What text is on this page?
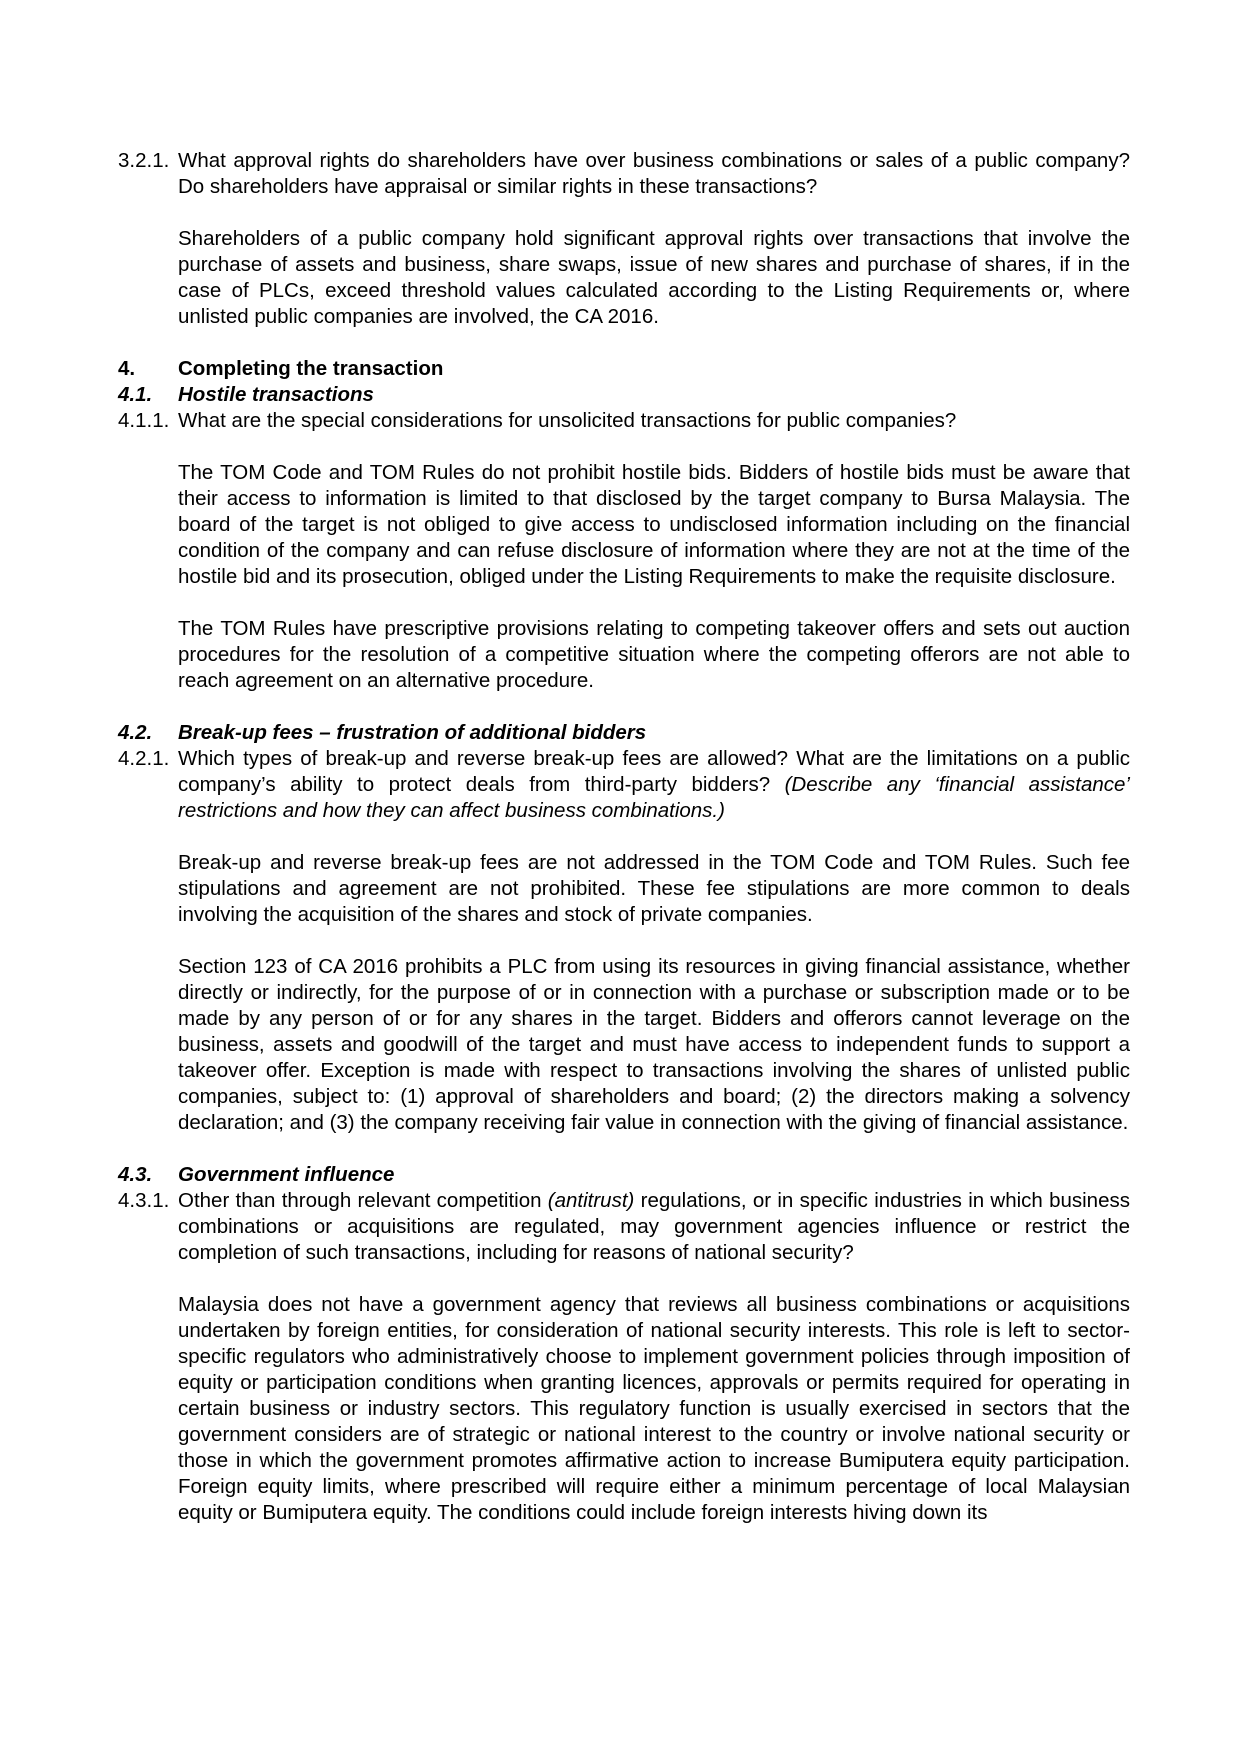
3.2.1. What approval rights do shareholders have over business combinations or sales of a public company? Do shareholders have appraisal or similar rights in these transactions?
Shareholders of a public company hold significant approval rights over transactions that involve the purchase of assets and business, share swaps, issue of new shares and purchase of shares, if in the case of PLCs, exceed threshold values calculated according to the Listing Requirements or, where unlisted public companies are involved, the CA 2016.
4. Completing the transaction
4.1. Hostile transactions
4.1.1. What are the special considerations for unsolicited transactions for public companies?
The TOM Code and TOM Rules do not prohibit hostile bids. Bidders of hostile bids must be aware that their access to information is limited to that disclosed by the target company to Bursa Malaysia. The board of the target is not obliged to give access to undisclosed information including on the financial condition of the company and can refuse disclosure of information where they are not at the time of the hostile bid and its prosecution, obliged under the Listing Requirements to make the requisite disclosure.
The TOM Rules have prescriptive provisions relating to competing takeover offers and sets out auction procedures for the resolution of a competitive situation where the competing offerors are not able to reach agreement on an alternative procedure.
4.2. Break-up fees – frustration of additional bidders
4.2.1. Which types of break-up and reverse break-up fees are allowed? What are the limitations on a public company’s ability to protect deals from third-party bidders? (Describe any ‘financial assistance’ restrictions and how they can affect business combinations.)
Break-up and reverse break-up fees are not addressed in the TOM Code and TOM Rules. Such fee stipulations and agreement are not prohibited. These fee stipulations are more common to deals involving the acquisition of the shares and stock of private companies.
Section 123 of CA 2016 prohibits a PLC from using its resources in giving financial assistance, whether directly or indirectly, for the purpose of or in connection with a purchase or subscription made or to be made by any person of or for any shares in the target. Bidders and offerors cannot leverage on the business, assets and goodwill of the target and must have access to independent funds to support a takeover offer. Exception is made with respect to transactions involving the shares of unlisted public companies, subject to: (1) approval of shareholders and board; (2) the directors making a solvency declaration; and (3) the company receiving fair value in connection with the giving of financial assistance.
4.3. Government influence
4.3.1. Other than through relevant competition (antitrust) regulations, or in specific industries in which business combinations or acquisitions are regulated, may government agencies influence or restrict the completion of such transactions, including for reasons of national security?
Malaysia does not have a government agency that reviews all business combinations or acquisitions undertaken by foreign entities, for consideration of national security interests. This role is left to sector-specific regulators who administratively choose to implement government policies through imposition of equity or participation conditions when granting licences, approvals or permits required for operating in certain business or industry sectors. This regulatory function is usually exercised in sectors that the government considers are of strategic or national interest to the country or involve national security or those in which the government promotes affirmative action to increase Bumiputera equity participation. Foreign equity limits, where prescribed will require either a minimum percentage of local Malaysian equity or Bumiputera equity. The conditions could include foreign interests hiving down its
